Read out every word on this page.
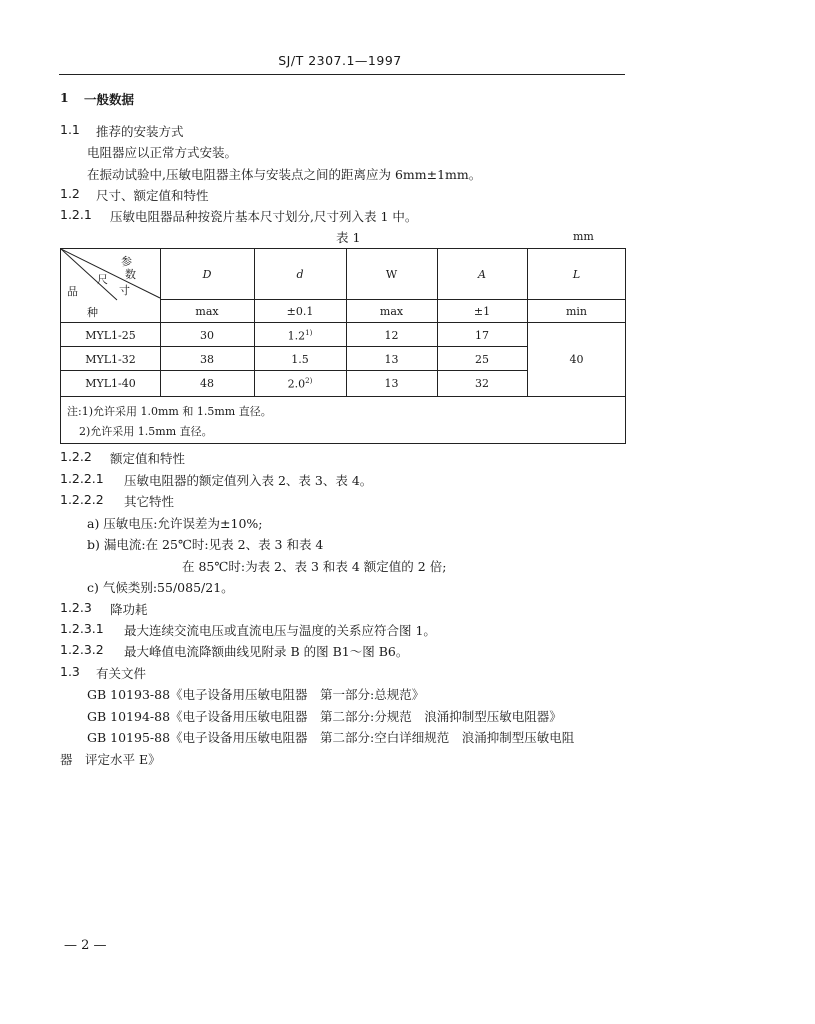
SJ/T 2307.1—1997
1 一般数据
1.1 推荐的安装方式
电阻器应以正常方式安装。
在振动试验中,压敏电阻器主体与安装点之间的距离应为 6mm±1mm。
1.2 尺寸、额定值和特性
1.2.1 压敏电阻器品种按瓷片基本尺寸划分,尺寸列入表 1 中。
表 1	mm
参
数
尺
寸
品
种
D	d	W	A	L
max	±0.1	max	±1	min
MYL1-25	30	1.2$^{1)}$	12	17
MYL1-32	38	1.5	13	25	40
MYL1-40	48	2.0$^{2)}$	13	32
注:1)允许采用 1.0mm 和 1.5mm 直径。
2)允许采用 1.5mm 直径。
1.2.2 额定值和特性
1.2.2.1 压敏电阻器的额定值列入表 2、表 3、表 4。
1.2.2.2 其它特性
a) 压敏电压:允许误差为±10%;
b) 漏电流:在 25℃时:见表 2、表 3 和表 4
在 85℃时:为表 2、表 3 和表 4 额定值的 2 倍;
c) 气候类别:55/085/21。
1.2.3 降功耗
1.2.3.1 最大连续交流电压或直流电压与温度的关系应符合图 1。
1.2.3.2 最大峰值电流降额曲线见附录 B 的图 B1～图 B6。
1.3 有关文件
GB 10193-88《电子设备用压敏电阻器　第一部分:总规范》
GB 10194-88《电子设备用压敏电阻器　第二部分:分规范　浪涌抑制型压敏电阻器》
GB 10195-88《电子设备用压敏电阻器　第二部分:空白详细规范　浪涌抑制型压敏电阻
器　评定水平 E》
— 2 —
